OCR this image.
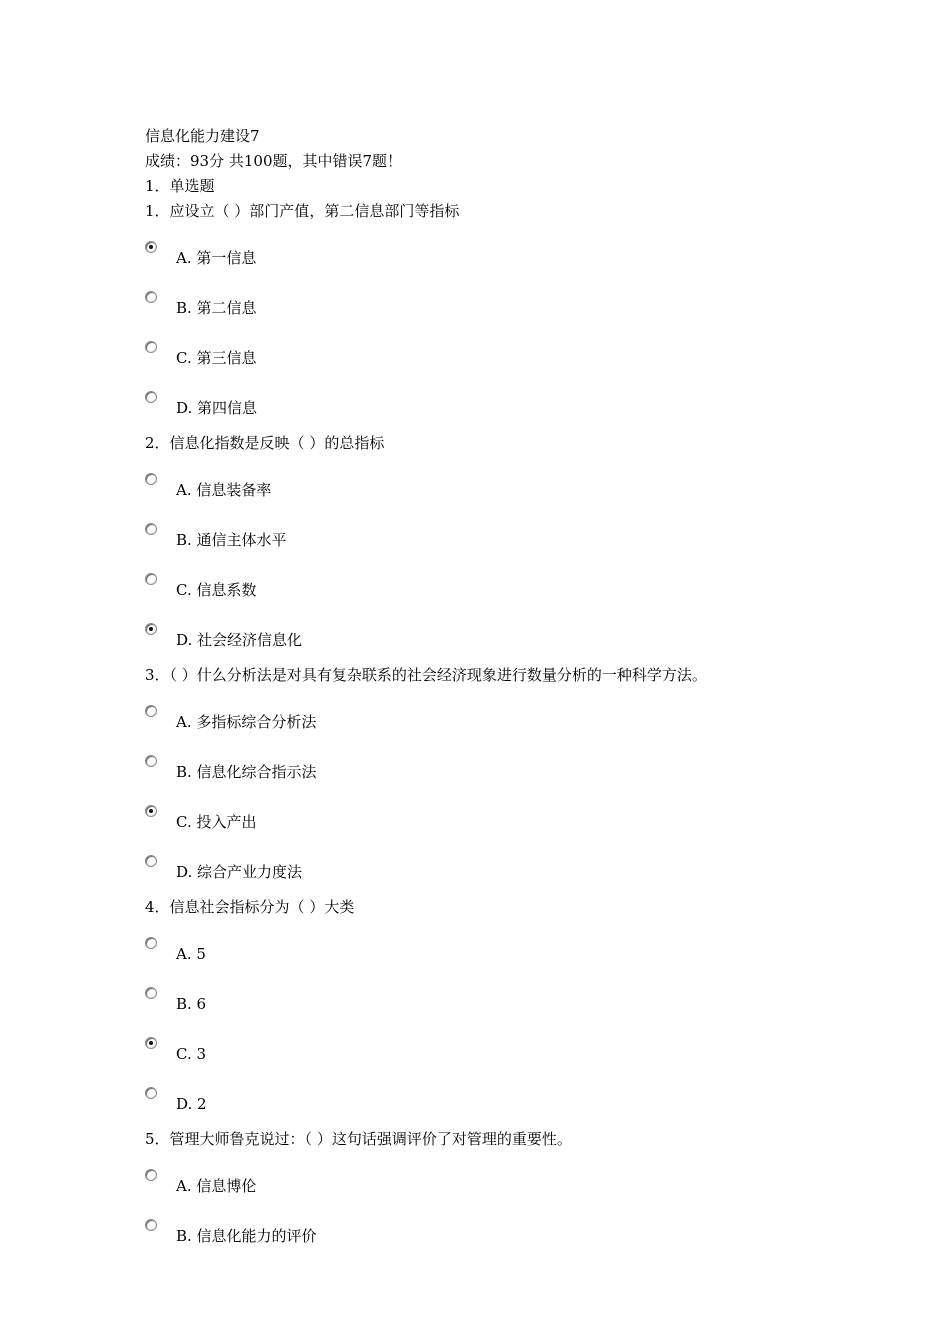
信息化能力建设7
成绩：93分 共100题，其中错误7题！
1．单选题
1．应设立（ ）部门产值，第二信息部门等指标
A. 第一信息
B. 第二信息
C. 第三信息
D. 第四信息
2．信息化指数是反映（ ）的总指标
A. 信息装备率
B. 通信主体水平
C. 信息系数
D. 社会经济信息化
3．（ ）什么分析法是对具有复杂联系的社会经济现象进行数量分析的一种科学方法。
A. 多指标综合分析法
B. 信息化综合指示法
C. 投入产出
D. 综合产业力度法
4．信息社会指标分为（ ）大类
A. 5
B. 6
C. 3
D. 2
5．管理大师鲁克说过：（ ）这句话强调评价了对管理的重要性。
A. 信息博伦
B. 信息化能力的评价
